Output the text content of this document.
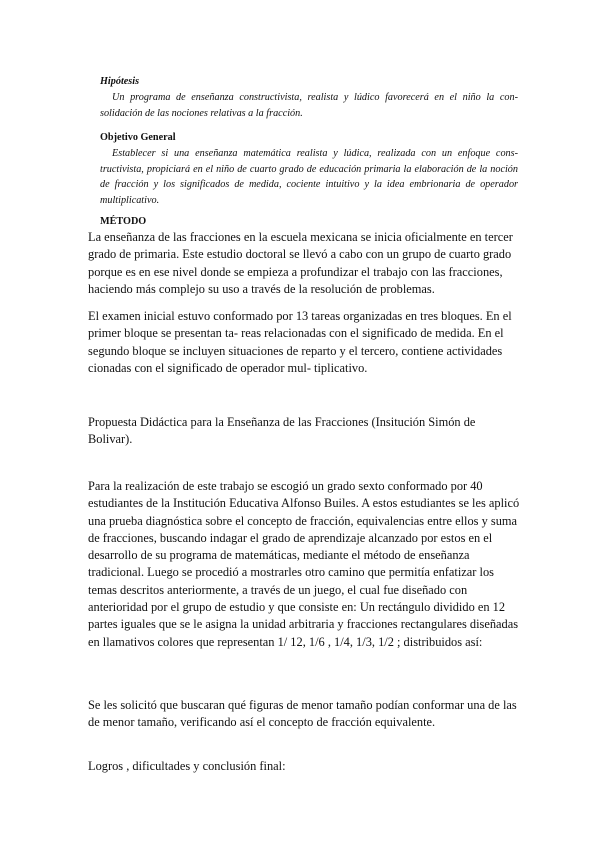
Hipótesis

Un programa de enseñanza constructivista, realista y lúdico favorecerá en el niño la con- solidación de las nociones relativas a la fracción.

Objetivo General

Establecer si una enseñanza matemática realista y lúdica, realizada con un enfoque cons- tructivista, propiciará en el niño de cuarto grado de educación primaria la elaboración de la noción de fracción y los significados de medida, cociente intuitivo y la idea embrionaria de operador multiplicativo.

MÉTODO

La enseñanza de las fracciones en la escuela mexicana se inicia oficialmente en tercer grado de primaria. Este estudio doctoral se llevó a cabo con un grupo de cuarto grado porque es en ese nivel donde se empieza a profundizar el trabajo con las fracciones, haciendo más complejo su uso a través de la resolución de problemas.

El examen inicial estuvo conformado por 13 tareas organizadas en tres bloques. En el primer bloque se presentan ta- reas relacionadas con el significado de medida. En el segundo bloque se incluyen situaciones de reparto y el tercero, contiene actividades cionadas con el significado de operador mul- tiplicativo.

Propuesta Didáctica para la Enseñanza de las Fracciones (Insitución Simón de Bolivar).

Para la realización de este trabajo se escogió un grado sexto conformado por 40 estudiantes de la Institución Educativa Alfonso Builes. A estos estudiantes se les aplicó una prueba diagnóstica sobre el concepto de fracción, equivalencias entre ellos y suma de fracciones, buscando indagar el grado de aprendizaje alcanzado por estos en el desarrollo de su programa de matemáticas, mediante el método de enseñanza tradicional. Luego se procedió a mostrarles otro camino que permitía enfatizar los temas descritos anteriormente, a través de un juego, el cual fue diseñado con anterioridad por el grupo de estudio y que consiste en: Un rectángulo dividido en 12 partes iguales que se le asigna la unidad arbitraria y fracciones rectangulares diseñadas en llamativos colores que representan 1/ 12, 1/6 , 1/4, 1/3, 1/2 ; distribuidos así:

Se les solicitó que buscaran qué figuras de menor tamaño podían conformar una de las de menor tamaño, verificando así el concepto de fracción equivalente.

Logros , dificultades y conclusión final:
